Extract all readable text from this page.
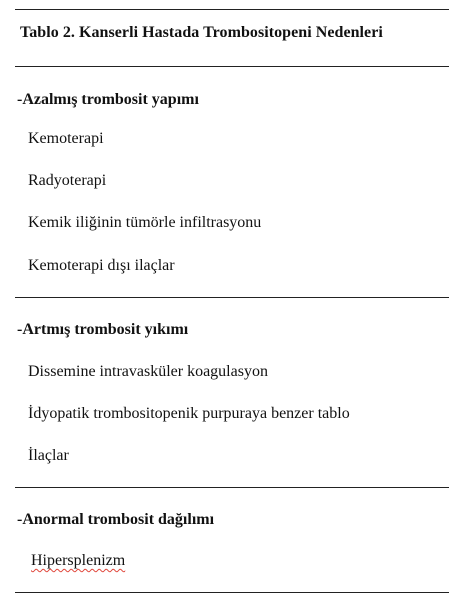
Tablo 2. Kanserli Hastada Trombositopeni Nedenleri
-Azalmış trombosit yapımı
Kemoterapi
Radyoterapi
Kemik iliğinin tümörle infiltrasyonu
Kemoterapi dışı ilaçlar
-Artmış trombosit yıkımı
Dissemine intravasküler koagulasyon
İdyopatik trombositopenik purpuraya benzer tablo
İlaçlar
-Anormal trombosit dağılımı
Hipersplenizm
